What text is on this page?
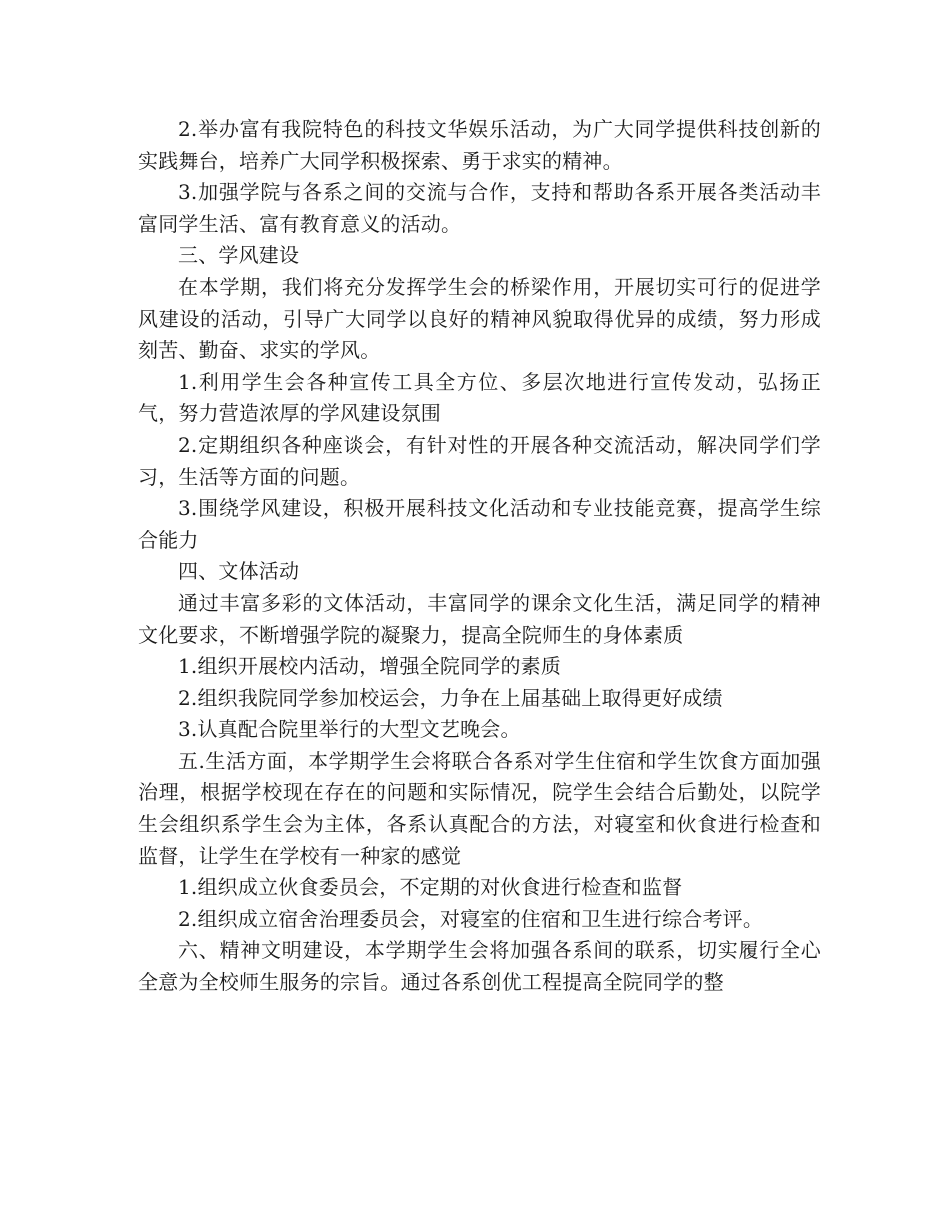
2.举办富有我院特色的科技文华娱乐活动，为广大同学提供科技创新的实践舞台，培养广大同学积极探索、勇于求实的精神。

3.加强学院与各系之间的交流与合作，支持和帮助各系开展各类活动丰富同学生活、富有教育意义的活动。

三、学风建设

在本学期，我们将充分发挥学生会的桥梁作用，开展切实可行的促进学风建设的活动，引导广大同学以良好的精神风貌取得优异的成绩，努力形成刻苦、勤奋、求实的学风。

1.利用学生会各种宣传工具全方位、多层次地进行宣传发动，弘扬正气，努力营造浓厚的学风建设氛围

2.定期组织各种座谈会，有针对性的开展各种交流活动，解决同学们学习，生活等方面的问题。

3.围绕学风建设，积极开展科技文化活动和专业技能竞赛，提高学生综合能力

四、文体活动

通过丰富多彩的文体活动，丰富同学的课余文化生活，满足同学的精神文化要求，不断增强学院的凝聚力，提高全院师生的身体素质

1.组织开展校内活动，增强全院同学的素质

2.组织我院同学参加校运会，力争在上届基础上取得更好成绩

3.认真配合院里举行的大型文艺晚会。

五.生活方面，本学期学生会将联合各系对学生住宿和学生饮食方面加强治理，根据学校现在存在的问题和实际情况，院学生会结合后勤处，以院学生会组织系学生会为主体，各系认真配合的方法，对寝室和伙食进行检查和监督，让学生在学校有一种家的感觉

1.组织成立伙食委员会，不定期的对伙食进行检查和监督

2.组织成立宿舍治理委员会，对寝室的住宿和卫生进行综合考评。

六、精神文明建设，本学期学生会将加强各系间的联系，切实履行全心全意为全校师生服务的宗旨。通过各系创优工程提高全院同学的整
